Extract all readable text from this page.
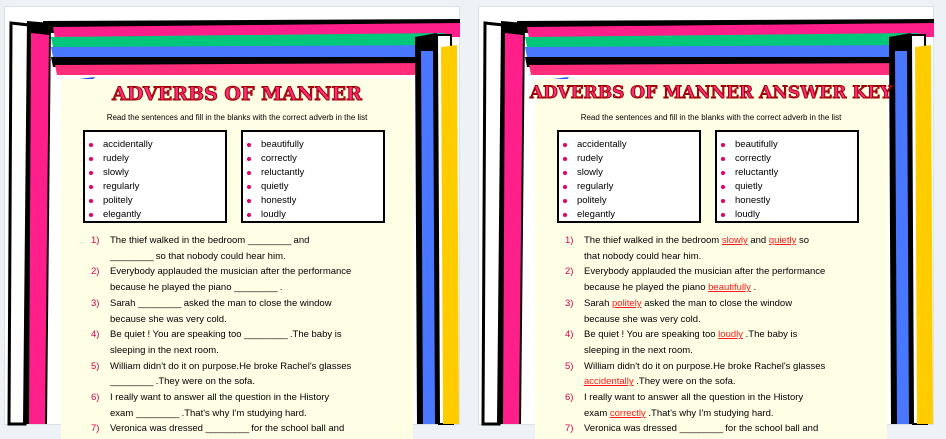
ADVERBS OF MANNER
Read the sentences and fill in the blanks with the correct adverb in the list
accidentally
rudely
slowly
regularly
politely
elegantly
beautifully
correctly
reluctantly
quietly
honestly
loudly
1) The thief walked in the bedroom _________ and
_________ so that nobody could hear him.
2) Everybody applauded the musician after the performance
because he played the piano _________ .
3) Sarah _________ asked the man to close the window
because she was very cold.
4) Be quiet ! You are speaking too _________ .The baby is
sleeping in the next room.
5) William didn't do it on purpose.He broke Rachel's glasses
_________ .They were on the sofa.
6) I really want to answer all the question in the History
exam _________ .That's why I'm studying hard.
7) Veronica was dressed _________ for the school ball and
ADVERBS OF MANNER ANSWER KEY
Read the sentences and fill in the blanks with the correct adverb in the list
accidentally
rudely
slowly
regularly
politely
elegantly
beautifully
correctly
reluctantly
quietly
honestly
loudly
1) The thief walked in the bedroom slowly and quietly so
that nobody could hear him.
2) Everybody applauded the musician after the performance
because he played the piano beautifully .
3) Sarah politely asked the man to close the window
because she was very cold.
4) Be quiet ! You are speaking too loudly .The baby is
sleeping in the next room.
5) William didn't do it on purpose.He broke Rachel's glasses
accidentally .They were on the sofa.
6) I really want to answer all the question in the History
exam correctly .That's why I'm studying hard.
7) Veronica was dressed _________ for the school ball and
